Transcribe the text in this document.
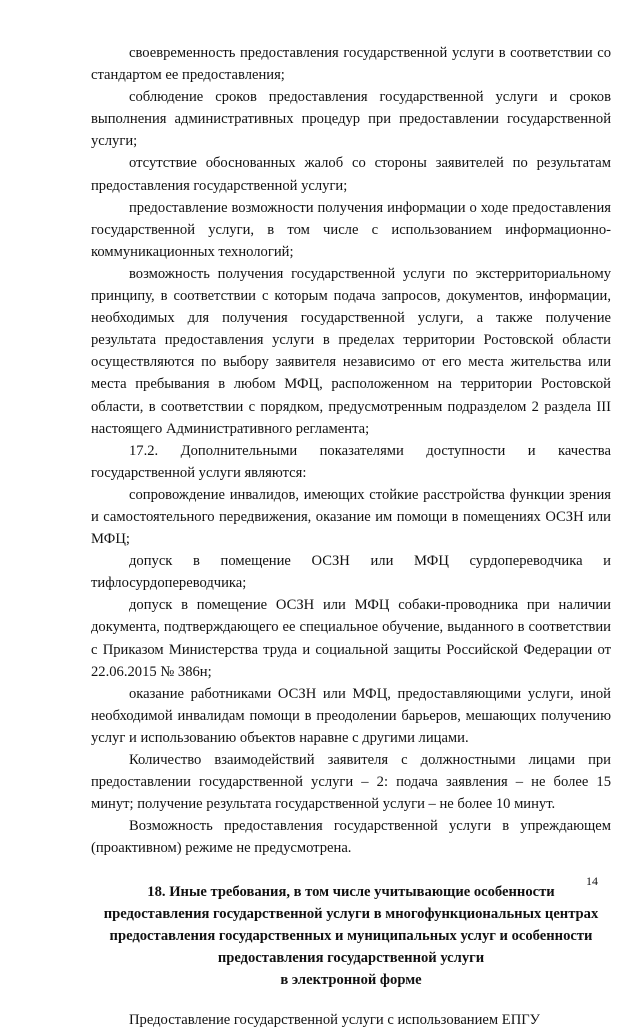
своевременность предоставления государственной услуги в соответствии со стандартом ее предоставления;

соблюдение сроков предоставления государственной услуги и сроков выполнения административных процедур при предоставлении государственной услуги;

отсутствие обоснованных жалоб со стороны заявителей по результатам предоставления государственной услуги;

предоставление возможности получения информации о ходе предоставления государственной услуги, в том числе с использованием информационно-коммуникационных технологий;

возможность получения государственной услуги по экстерриториальному принципу, в соответствии с которым подача запросов, документов, информации, необходимых для получения государственной услуги, а также получение результата предоставления услуги в пределах территории Ростовской области осуществляются по выбору заявителя независимо от его места жительства или места пребывания в любом МФЦ, расположенном на территории Ростовской области, в соответствии с порядком, предусмотренным подразделом 2 раздела III настоящего Административного регламента;

17.2. Дополнительными показателями доступности и качества государственной услуги являются:

сопровождение инвалидов, имеющих стойкие расстройства функции зрения и самостоятельного передвижения, оказание им помощи в помещениях ОСЗН или МФЦ;

допуск в помещение ОСЗН или МФЦ сурдопереводчика и тифлосурдопереводчика;

допуск в помещение ОСЗН или МФЦ собаки-проводника при наличии документа, подтверждающего ее специальное обучение, выданного в соответствии с Приказом Министерства труда и социальной защиты Российской Федерации от 22.06.2015 № 386н;

оказание работниками ОСЗН или МФЦ, предоставляющими услуги, иной необходимой инвалидам помощи в преодолении барьеров, мешающих получению услуг и использованию объектов наравне с другими лицами.

Количество взаимодействий заявителя с должностными лицами при предоставлении государственной услуги – 2: подача заявления – не более 15 минут; получение результата государственной услуги – не более 10 минут.

Возможность предоставления государственной услуги в упреждающем (проактивном) режиме не предусмотрена.

18. Иные требования, в том числе учитывающие особенности
предоставления государственной услуги в многофункциональных центрах
предоставления государственных и муниципальных услуг и особенности
предоставления государственной услуги
в электронной форме

Предоставление государственной услуги с использованием ЕПГУ

14
